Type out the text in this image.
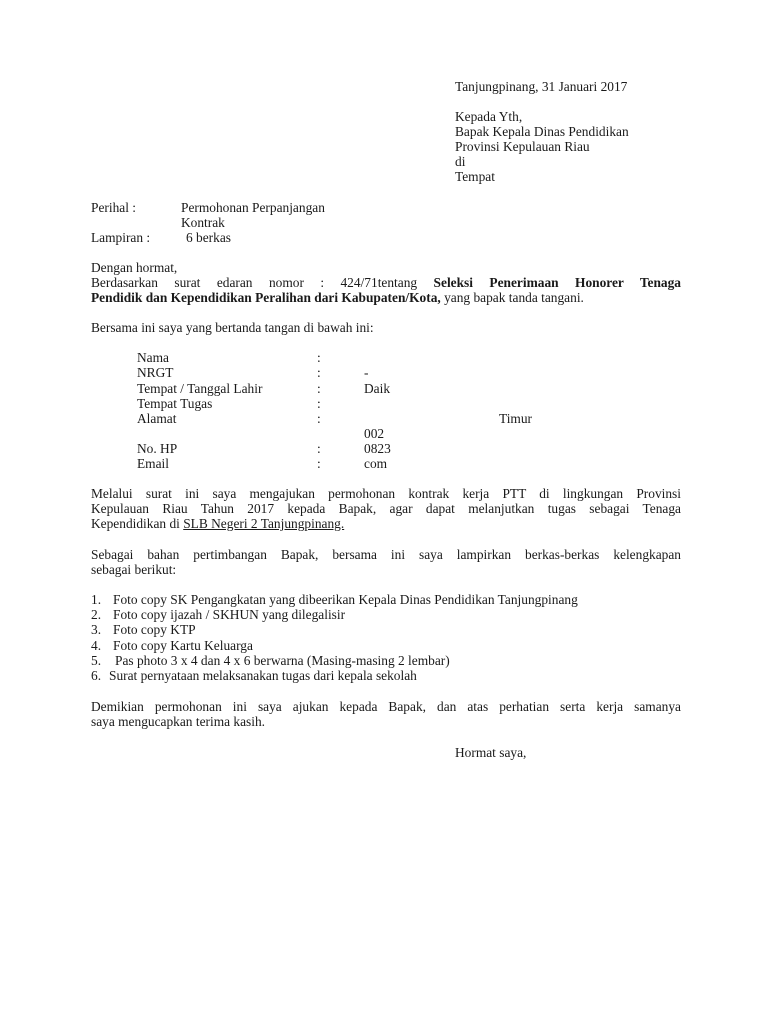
Tanjungpinang, 31 Januari 2017
Kepada Yth,
Bapak Kepala Dinas Pendidikan
Provinsi Kepulauan Riau
di
Tempat
Perihal :	Permohonan Perpanjangan
Kontrak
Lampiran :	6 berkas
Dengan hormat,
Berdasarkan surat edaran nomor : 424/71tentang Seleksi Penerimaan Honorer Tenaga
Pendidik dan Kependidikan Peralihan dari Kabupaten/Kota, yang bapak tanda tangani.
Bersama ini saya yang bertanda tangan di bawah ini:
Nama	:
NRGT	:	-
Tempat / Tanggal Lahir	:	Daik
Tempat Tugas	:
Alamat	:	Timur
002
No. HP	:	0823
Email	:	com
Melalui surat ini saya mengajukan permohonan kontrak kerja PTT di lingkungan Provinsi
Kepulauan Riau Tahun 2017 kepada Bapak, agar dapat melanjutkan tugas sebagai Tenaga
Kependidikan di SLB Negeri 2 Tanjungpinang.
Sebagai bahan pertimbangan Bapak, bersama ini saya lampirkan berkas-berkas kelengkapan
sebagai berikut:
1. Foto copy SK Pengangkatan yang dibeerikan Kepala Dinas Pendidikan Tanjungpinang
2. Foto copy ijazah / SKHUN yang dilegalisir
3. Foto copy KTP
4. Foto copy Kartu Keluarga
5. Pas photo 3 x 4 dan 4 x 6 berwarna (Masing-masing 2 lembar)
6. Surat pernyataan melaksanakan tugas dari kepala sekolah
Demikian permohonan ini saya ajukan kepada Bapak, dan atas perhatian serta kerja samanya
saya mengucapkan terima kasih.
Hormat saya,
